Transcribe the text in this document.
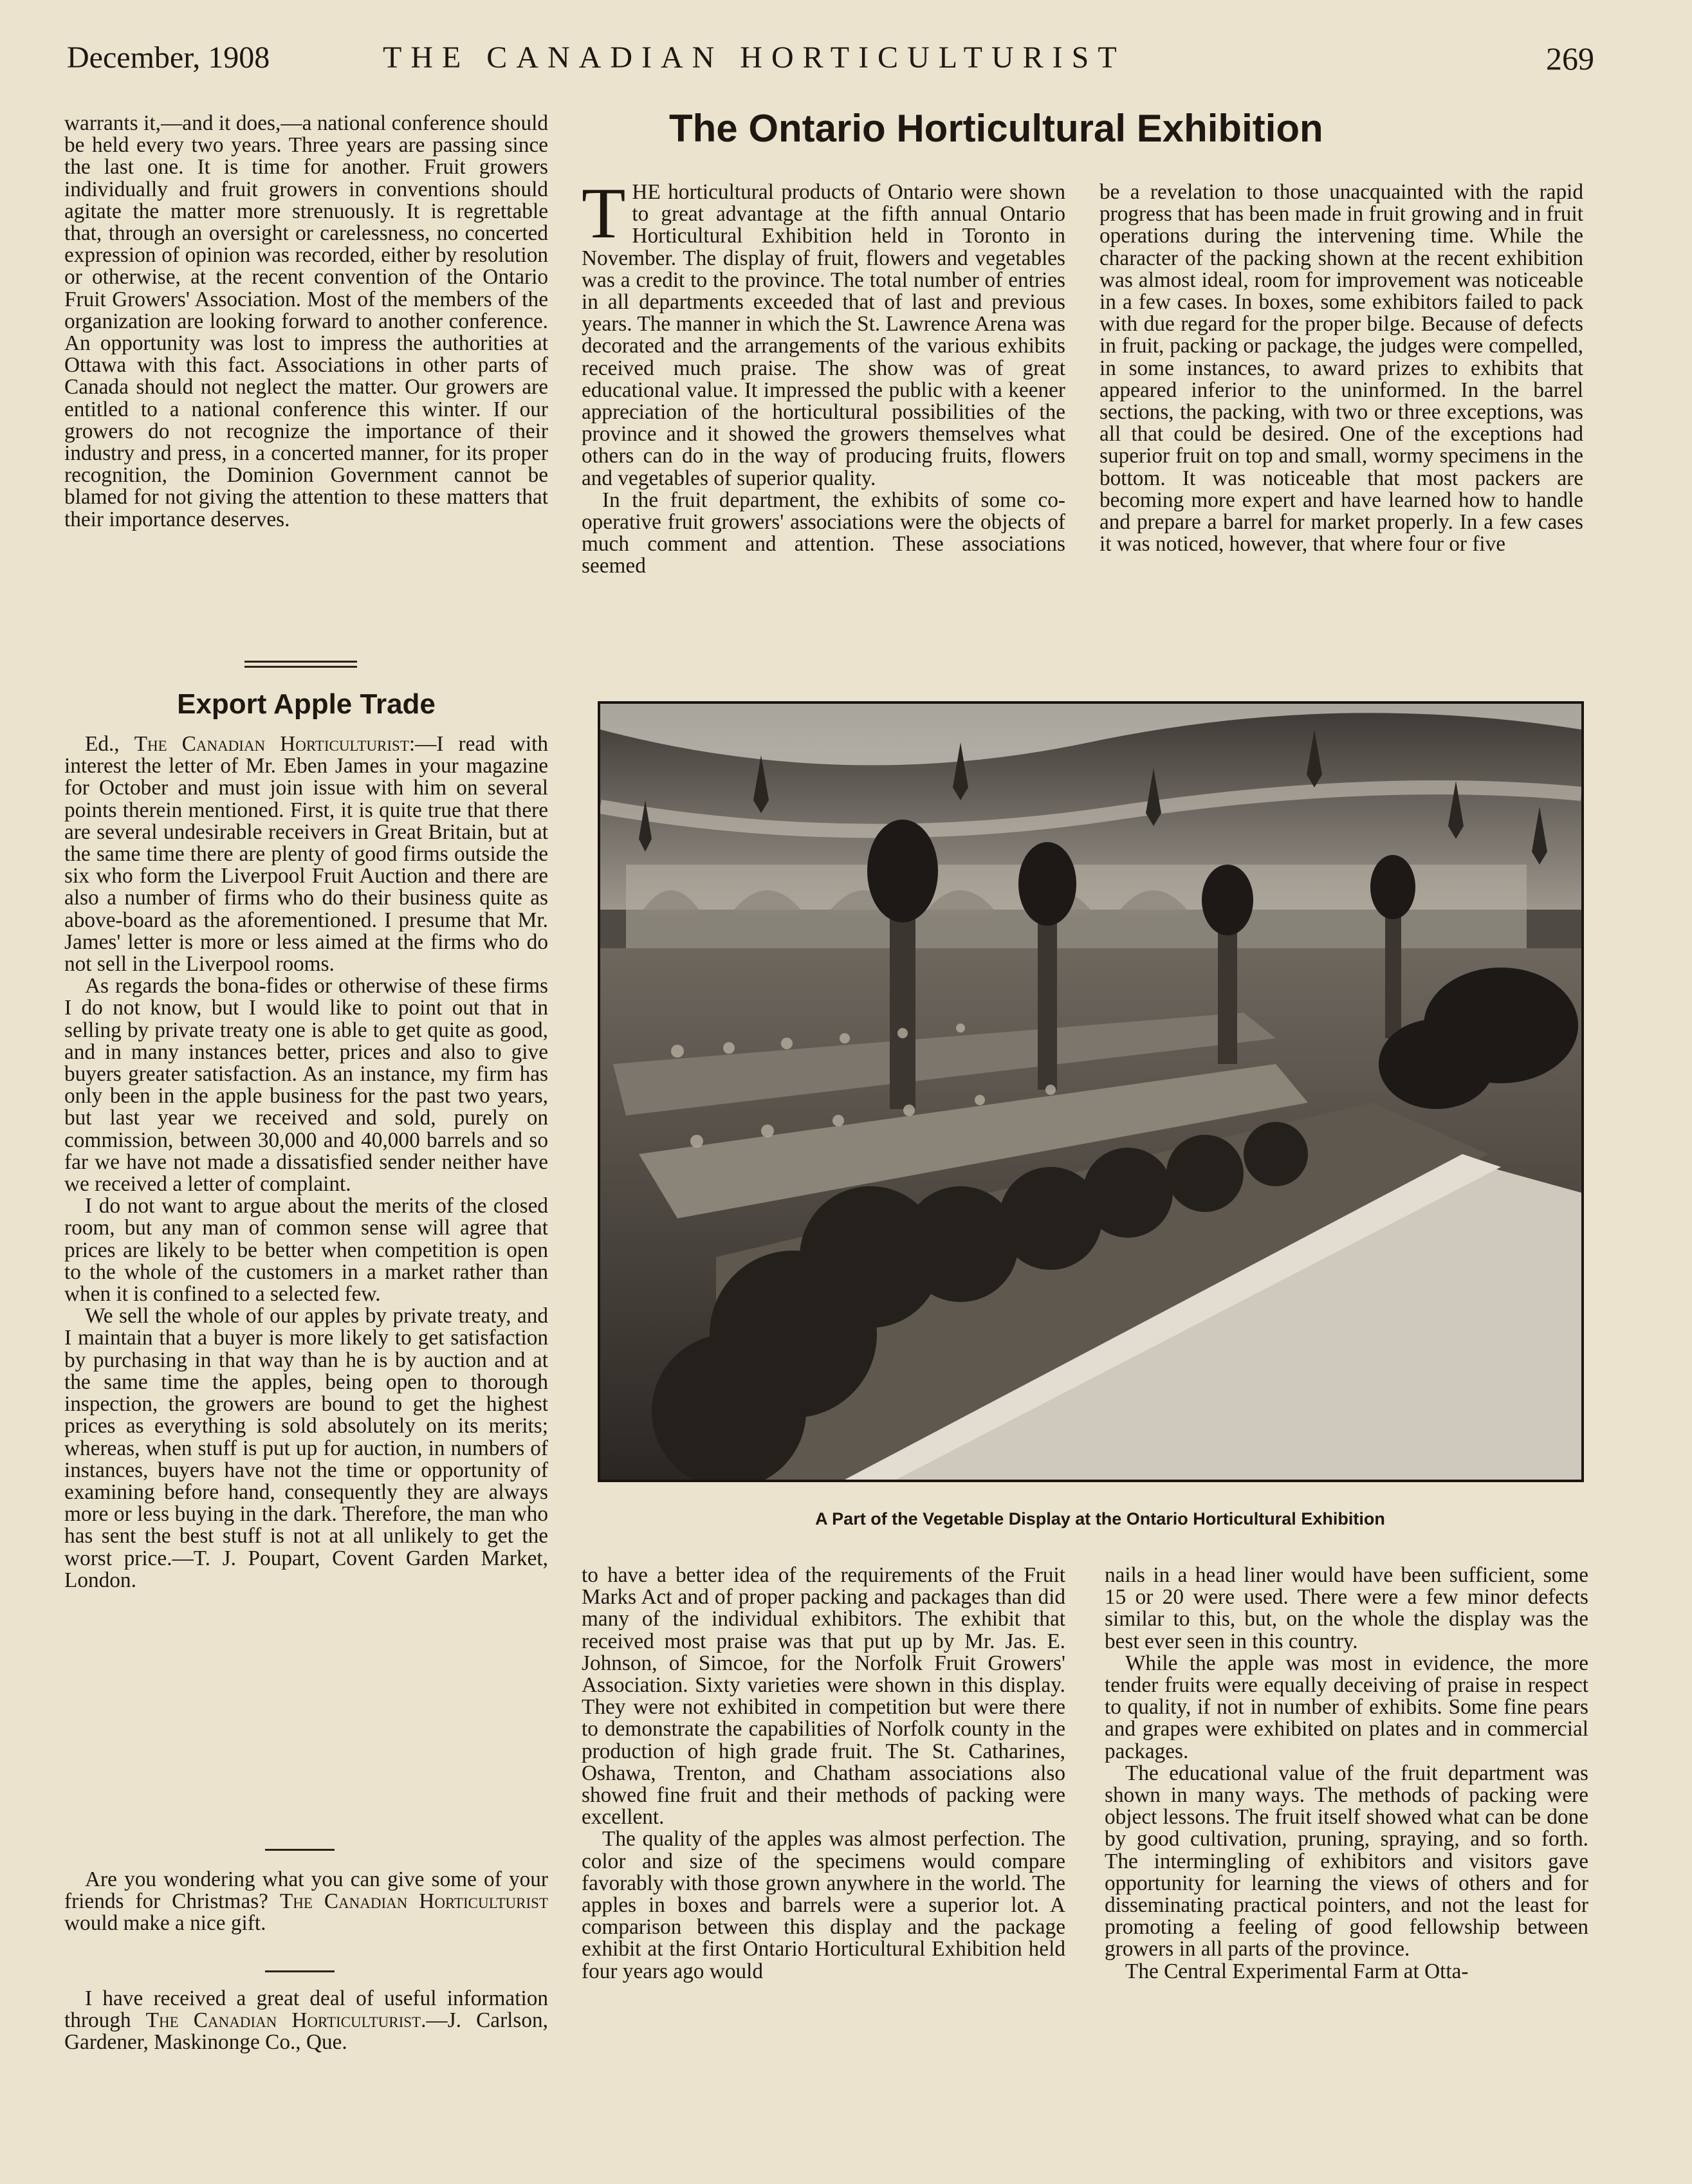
December, 1908	THE CANADIAN HORTICULTURIST	269

warrants it,—and it does,—a national conference should be held every two years. Three years are passing since the last one. It is time for another. Fruit growers individually and fruit growers in conventions should agitate the matter more strenuously. It is regrettable that, through an oversight or carelessness, no concerted expression of opinion was recorded, either by resolution or otherwise, at the recent convention of the Ontario Fruit Growers' Association. Most of the members of the organization are looking forward to another conference. An opportunity was lost to impress the authorities at Ottawa with this fact. Associations in other parts of Canada should not neglect the matter. Our growers are entitled to a national conference this winter. If our growers do not recognize the importance of their industry and press, in a concerted manner, for its proper recognition, the Dominion Government cannot be blamed for not giving the attention to these matters that their importance deserves.

Export Apple Trade

Ed., The Canadian Horticulturist:—I read with interest the letter of Mr. Eben James in your magazine for October and must join issue with him on several points therein mentioned. First, it is quite true that there are several undesirable receivers in Great Britain, but at the same time there are plenty of good firms outside the six who form the Liverpool Fruit Auction and there are also a number of firms who do their business quite as above-board as the aforementioned. I presume that Mr. James' letter is more or less aimed at the firms who do not sell in the Liverpool rooms.

As regards the bona-fides or otherwise of these firms I do not know, but I would like to point out that in selling by private treaty one is able to get quite as good, and in many instances better, prices and also to give buyers greater satisfaction. As an instance, my firm has only been in the apple business for the past two years, but last year we received and sold, purely on commission, between 30,000 and 40,000 barrels and so far we have not made a dissatisfied sender neither have we received a letter of complaint.

I do not want to argue about the merits of the closed room, but any man of common sense will agree that prices are likely to be better when competition is open to the whole of the customers in a market rather than when it is confined to a selected few.

We sell the whole of our apples by private treaty, and I maintain that a buyer is more likely to get satisfaction by purchasing in that way than he is by auction and at the same time the apples, being open to thorough inspection, the growers are bound to get the highest prices as everything is sold absolutely on its merits; whereas, when stuff is put up for auction, in numbers of instances, buyers have not the time or opportunity of examining before hand, consequently they are always more or less buying in the dark. Therefore, the man who has sent the best stuff is not at all unlikely to get the worst price.—T. J. Poupart, Covent Garden Market, London.

Are you wondering what you can give some of your friends for Christmas? The Canadian Horticulturist would make a nice gift.

I have received a great deal of useful information through The Canadian Horticulturist.—J. Carlson, Gardener, Maskinonge Co., Que.

The Ontario Horticultural Exhibition

THE horticultural products of Ontario were shown to great advantage at the fifth annual Ontario Horticultural Exhibition held in Toronto in November. The display of fruit, flowers and vegetables was a credit to the province. The total number of entries in all departments exceeded that of last and previous years. The manner in which the St. Lawrence Arena was decorated and the arrangements of the various exhibits received much praise. The show was of great educational value. It impressed the public with a keener appreciation of the horticultural possibilities of the province and it showed the growers themselves what others can do in the way of producing fruits, flowers and vegetables of superior quality.

In the fruit department, the exhibits of some co-operative fruit growers' associations were the objects of much comment and attention. These associations seemed

be a revelation to those unacquainted with the rapid progress that has been made in fruit growing and in fruit operations during the intervening time. While the character of the packing shown at the recent exhibition was almost ideal, room for improvement was noticeable in a few cases. In boxes, some exhibitors failed to pack with due regard for the proper bilge. Because of defects in fruit, packing or package, the judges were compelled, in some instances, to award prizes to exhibits that appeared inferior to the uninformed. In the barrel sections, the packing, with two or three exceptions, was all that could be desired. One of the exceptions had superior fruit on top and small, wormy specimens in the bottom. It was noticeable that most packers are becoming more expert and have learned how to handle and prepare a barrel for market properly. In a few cases it was noticed, however, that where four or five

A Part of the Vegetable Display at the Ontario Horticultural Exhibition

to have a better idea of the requirements of the Fruit Marks Act and of proper packing and packages than did many of the individual exhibitors. The exhibit that received most praise was that put up by Mr. Jas. E. Johnson, of Simcoe, for the Norfolk Fruit Growers' Association. Sixty varieties were shown in this display. They were not exhibited in competition but were there to demonstrate the capabilities of Norfolk county in the production of high grade fruit. The St. Catharines, Oshawa, Trenton, and Chatham associations also showed fine fruit and their methods of packing were excellent.

The quality of the apples was almost perfection. The color and size of the specimens would compare favorably with those grown anywhere in the world. The apples in boxes and barrels were a superior lot. A comparison between this display and the package exhibit at the first Ontario Horticultural Exhibition held four years ago would

nails in a head liner would have been sufficient, some 15 or 20 were used. There were a few minor defects similar to this, but, on the whole the display was the best ever seen in this country.

While the apple was most in evidence, the more tender fruits were equally deceiving of praise in respect to quality, if not in number of exhibits. Some fine pears and grapes were exhibited on plates and in commercial packages.

The educational value of the fruit department was shown in many ways. The methods of packing were object lessons. The fruit itself showed what can be done by good cultivation, pruning, spraying, and so forth. The intermingling of exhibitors and visitors gave opportunity for learning the views of others and for disseminating practical pointers, and not the least for promoting a feeling of good fellowship between growers in all parts of the province.

The Central Experimental Farm at Otta-
